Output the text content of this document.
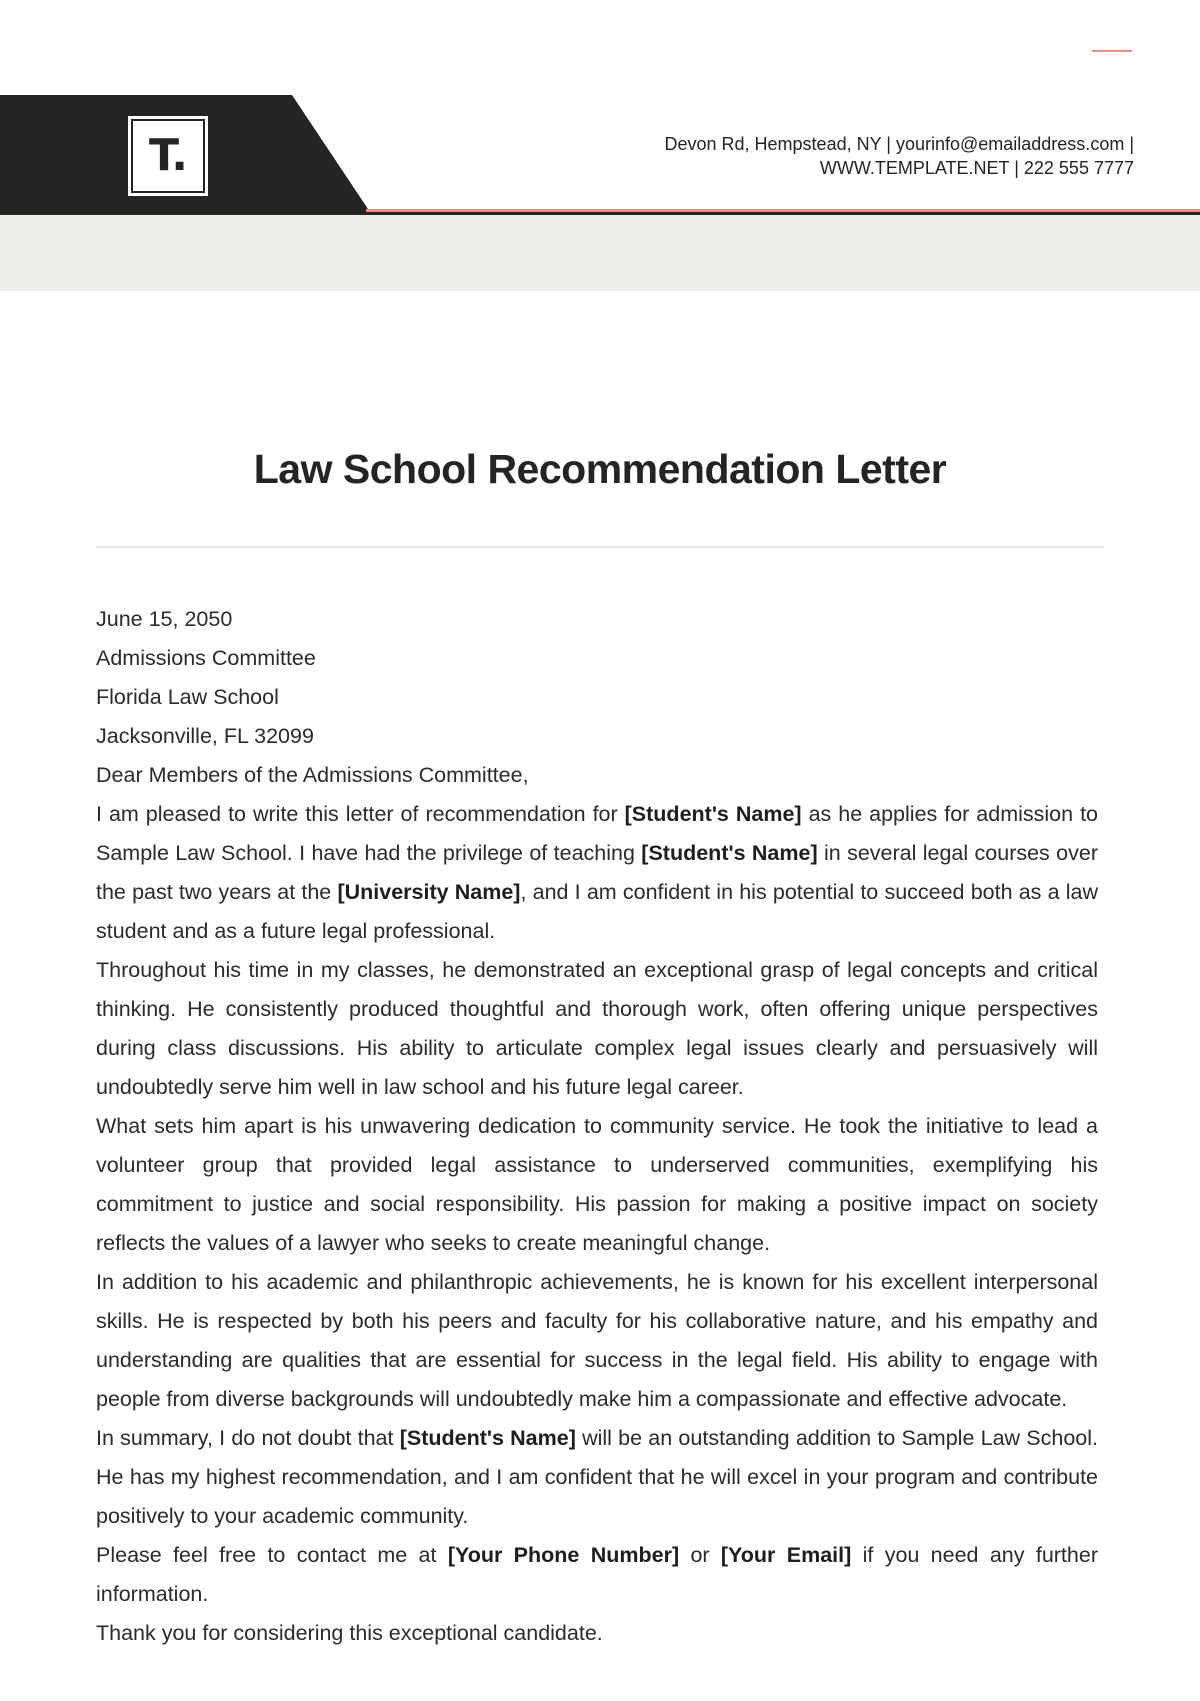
T.	Devon Rd, Hempstead, NY | yourinfo@emailaddress.com |
WWW.TEMPLATE.NET | 222 555 7777
Law School Recommendation Letter

June 15, 2050

Admissions Committee

Florida Law School

Jacksonville, FL 32099

Dear Members of the Admissions Committee,

I am pleased to write this letter of recommendation for [Student's Name] as he applies for admission to Sample Law School. I have had the privilege of teaching [Student's Name] in several legal courses over the past two years at the [University Name], and I am confident in his potential to succeed both as a law student and as a future legal professional.

Throughout his time in my classes, he demonstrated an exceptional grasp of legal concepts and critical thinking. He consistently produced thoughtful and thorough work, often offering unique perspectives during class discussions. His ability to articulate complex legal issues clearly and persuasively will undoubtedly serve him well in law school and his future legal career.

What sets him apart is his unwavering dedication to community service. He took the initiative to lead a volunteer group that provided legal assistance to underserved communities, exemplifying his commitment to justice and social responsibility. His passion for making a positive impact on society reflects the values of a lawyer who seeks to create meaningful change.

In addition to his academic and philanthropic achievements, he is known for his excellent interpersonal skills. He is respected by both his peers and faculty for his collaborative nature, and his empathy and understanding are qualities that are essential for success in the legal field. His ability to engage with people from diverse backgrounds will undoubtedly make him a compassionate and effective advocate.

In summary, I do not doubt that [Student's Name] will be an outstanding addition to Sample Law School. He has my highest recommendation, and I am confident that he will excel in your program and contribute positively to your academic community.

Please feel free to contact me at [Your Phone Number] or [Your Email] if you need any further information.

Thank you for considering this exceptional candidate.
